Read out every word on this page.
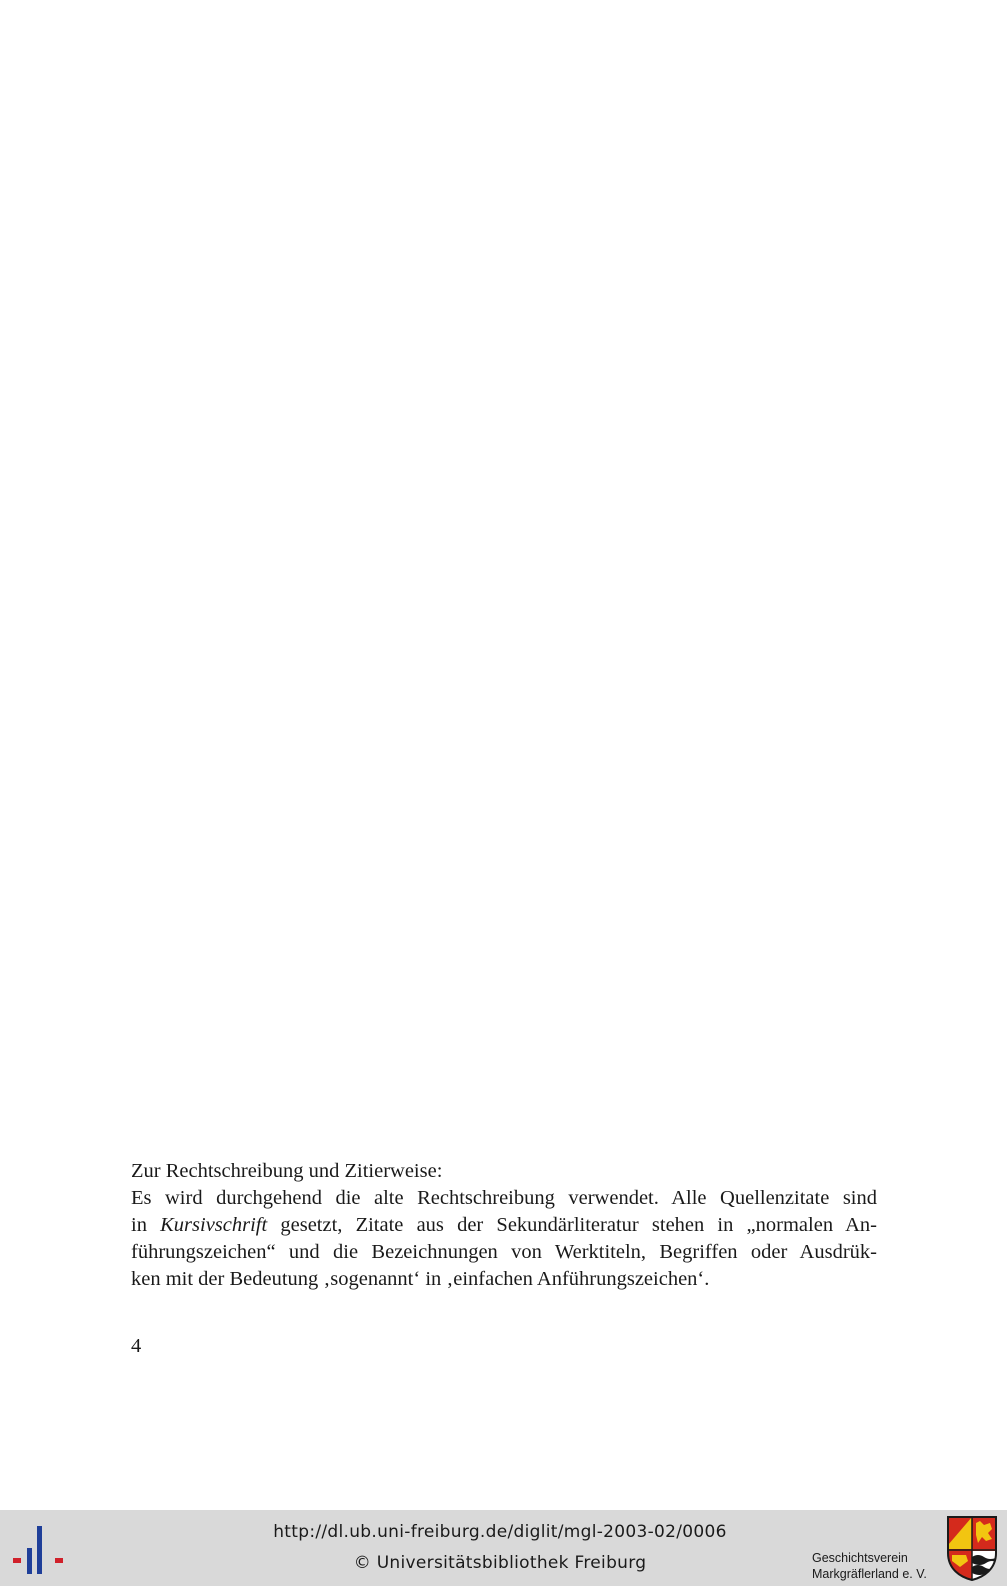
Zur Rechtschreibung und Zitierweise:

Es wird durchgehend die alte Rechtschreibung verwendet. Alle Quellenzitate sind
in Kursivschrift gesetzt, Zitate aus der Sekundärliteratur stehen in „normalen An-
führungszeichen“ und die Bezeichnungen von Werktiteln, Begriffen oder Ausdrük-
ken mit der Bedeutung ‚sogenannt‘ in ‚einfachen Anführungszeichen‘.

4
http://dl.ub.uni-freiburg.de/diglit/mgl-2003-02/0006
© Universitätsbibliothek Freiburg	Geschichtsverein
Markgräflerland e. V.
